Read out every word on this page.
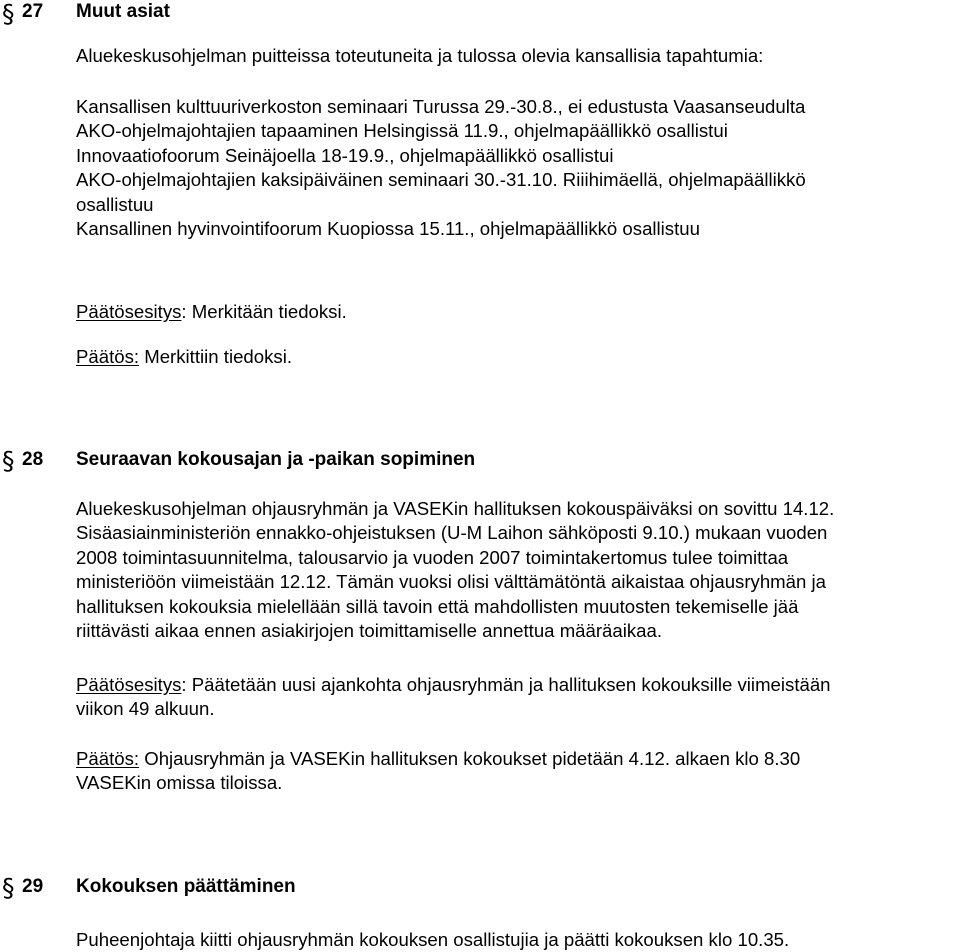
§ 27 Muut asiat
Aluekeskusohjelman puitteissa toteutuneita ja tulossa olevia kansallisia tapahtumia:
Kansallisen kulttuuriverkoston seminaari Turussa 29.-30.8., ei edustusta Vaasanseudulta
AKO-ohjelmajohtajien tapaaminen Helsingissä 11.9., ohjelmapäällikkö osallistui
Innovaatiofoorum Seinäjoella 18-19.9., ohjelmapäällikkö osallistui
AKO-ohjelmajohtajien kaksipäiväinen seminaari 30.-31.10. Riiihimäellä, ohjelmapäällikkö
osallistuu
Kansallinen hyvinvointifoorum Kuopiossa 15.11., ohjelmapäällikkö osallistuu
Päätösesitys: Merkitään tiedoksi.
Päätös: Merkittiin tiedoksi.
§ 28 Seuraavan kokousajan ja -paikan sopiminen
Aluekeskusohjelman ohjausryhmän ja VASEKin hallituksen kokouspäiväksi on sovittu 14.12.
Sisäasiainministeriön ennakko-ohjeistuksen (U-M Laihon sähköposti 9.10.) mukaan vuoden
2008 toimintasuunnitelma, talousarvio ja vuoden 2007 toimintakertomus tulee toimittaa
ministeriöön viimeistään 12.12. Tämän vuoksi olisi välttämätöntä aikaistaa ohjausryhmän ja
hallituksen kokouksia mielellään sillä tavoin että mahdollisten muutosten tekemiselle jää
riittävästi aikaa ennen asiakirjojen toimittamiselle annettua määräaikaa.
Päätösesitys: Päätetään uusi ajankohta ohjausryhmän ja hallituksen kokouksille viimeistään
viikon 49 alkuun.
Päätös: Ohjausryhmän ja VASEKin hallituksen kokoukset pidetään 4.12. alkaen klo 8.30
VASEKin omissa tiloissa.
§ 29 Kokouksen päättäminen
Puheenjohtaja kiitti ohjausryhmän kokouksen osallistujia ja päätti kokouksen klo 10.35.
